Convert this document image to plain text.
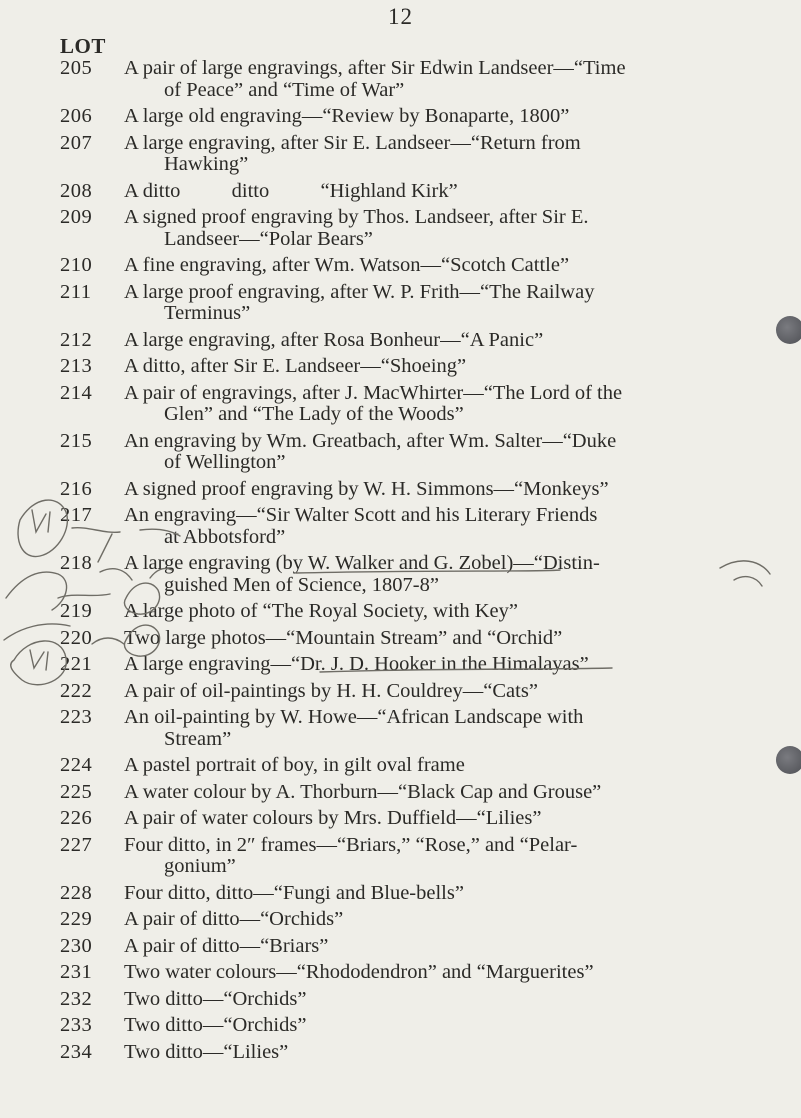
12
LOT
205	A pair of large engravings, after Sir Edwin Landseer—“Time
of Peace” and “Time of War”
206	A large old engraving—“Review by Bonaparte, 1800”
207	A large engraving, after Sir E. Landseer—“Return from
Hawking”
208	A ditto          ditto          “Highland Kirk”
209	A signed proof engraving by Thos. Landseer, after Sir E.
Landseer—“Polar Bears”
210	A fine engraving, after Wm. Watson—“Scotch Cattle”
211	A large proof engraving, after W. P. Frith—“The Railway
Terminus”
212	A large engraving, after Rosa Bonheur—“A Panic”
213	A ditto, after Sir E. Landseer—“Shoeing”
214	A pair of engravings, after J. MacWhirter—“The Lord of the
Glen” and “The Lady of the Woods”
215	An engraving by Wm. Greatbach, after Wm. Salter—“Duke
of Wellington”
216	A signed proof engraving by W. H. Simmons—“Monkeys”
217	An engraving—“Sir Walter Scott and his Literary Friends
at Abbotsford”
218	A large engraving (by W. Walker and G. Zobel)—“Distin-
guished Men of Science, 1807-8”
219	A large photo of “The Royal Society, with Key”
220	Two large photos—“Mountain Stream” and “Orchid”
221	A large engraving—“Dr. J. D. Hooker in the Himalayas”
222	A pair of oil-paintings by H. H. Couldrey—“Cats”
223	An oil-painting by W. Howe—“African Landscape with
Stream”
224	A pastel portrait of boy, in gilt oval frame
225	A water colour by A. Thorburn—“Black Cap and Grouse”
226	A pair of water colours by Mrs. Duffield—“Lilies”
227	Four ditto, in 2″ frames—“Briars,” “Rose,” and “Pelar-
gonium”
228	Four ditto, ditto—“Fungi and Blue-bells”
229	A pair of ditto—“Orchids”
230	A pair of ditto—“Briars”
231	Two water colours—“Rhododendron” and “Marguerites”
232	Two ditto—“Orchids”
233	Two ditto—“Orchids”
234	Two ditto—“Lilies”
